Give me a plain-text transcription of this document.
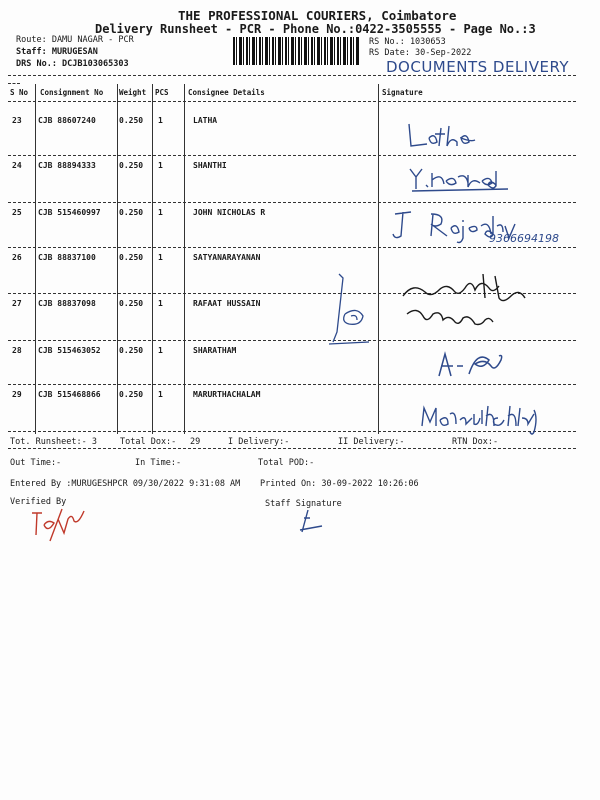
THE PROFESSIONAL COURIERS, Coimbatore
Delivery Runsheet - PCR - Phone No.:0422-3505555 - Page No.:3
Route: DAMU NAGAR - PCR
Staff: MURUGESAN
DRS No.: DCJB103065303
RS No.: 1030653
RS Date: 30-Sep-2022
DOCUMENTS DELIVERY
S No Consignment No Weight PCS	Consignee Details	Signature
23 CJB 88607240	0.250 1	LATHA
24 CJB 88894333	0.250 1	SHANTHI
25 CJB 515460997 0.250 1	JOHN NICHOLAS R
26 CJB 88837100	0.250 1	SATYANARAYANAN
27 CJB 88837098	0.250 1	RAFAAT HUSSAIN
28 CJB 515463052 0.250 1	SHARATHAM
29 CJB 515468866 0.250 1	MARURTHACHALAM
9366694198
Tot. Runsheet:- 3	Total Dox:- 29	I Delivery:-	II Delivery:-	RTN Dox:-
Out Time:-	In Time:-	Total POD:-
Entered By :MURUGESHPCR 09/30/2022 9:31:08 AM Printed On: 30-09-2022 10:26:06
Verified By	Staff Signature
